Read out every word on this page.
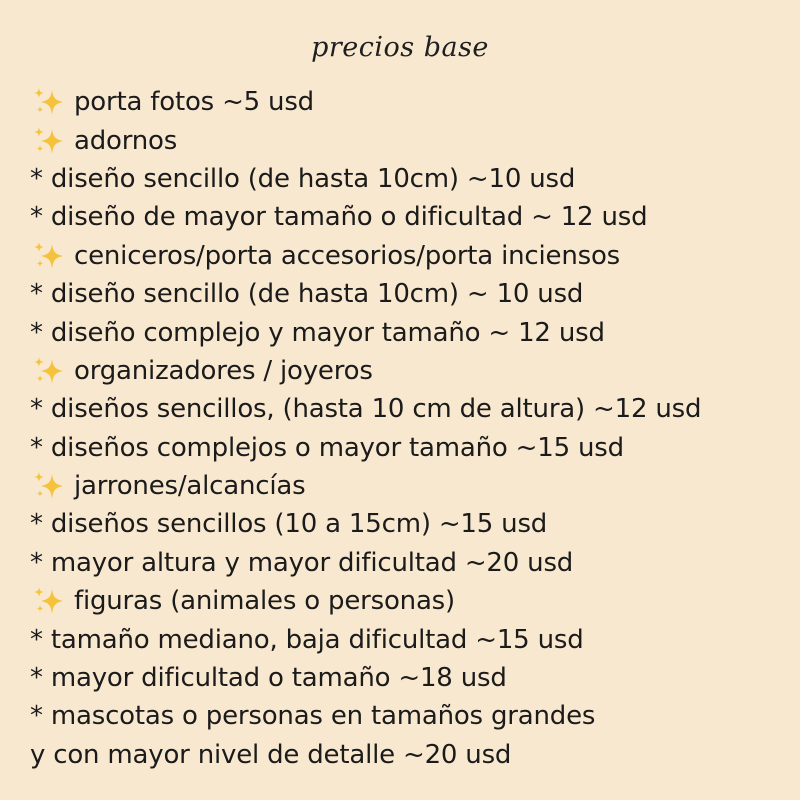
precios base
porta fotos ~5 usd
adornos
* diseño sencillo (de hasta 10cm) ~10 usd
* diseño de mayor tamaño o dificultad ~ 12 usd
ceniceros/porta accesorios/porta inciensos
* diseño sencillo (de hasta 10cm) ~ 10 usd
* diseño complejo y mayor tamaño ~ 12 usd
organizadores / joyeros
* diseños sencillos, (hasta 10 cm de altura) ~12 usd
* diseños complejos o mayor tamaño ~15 usd
jarrones/alcancías
* diseños sencillos (10 a 15cm) ~15 usd
* mayor altura y mayor dificultad ~20 usd
figuras (animales o personas)
* tamaño mediano, baja dificultad ~15 usd
* mayor dificultad o tamaño ~18 usd
* mascotas o personas en tamaños grandes
y con mayor nivel de detalle ~20 usd
